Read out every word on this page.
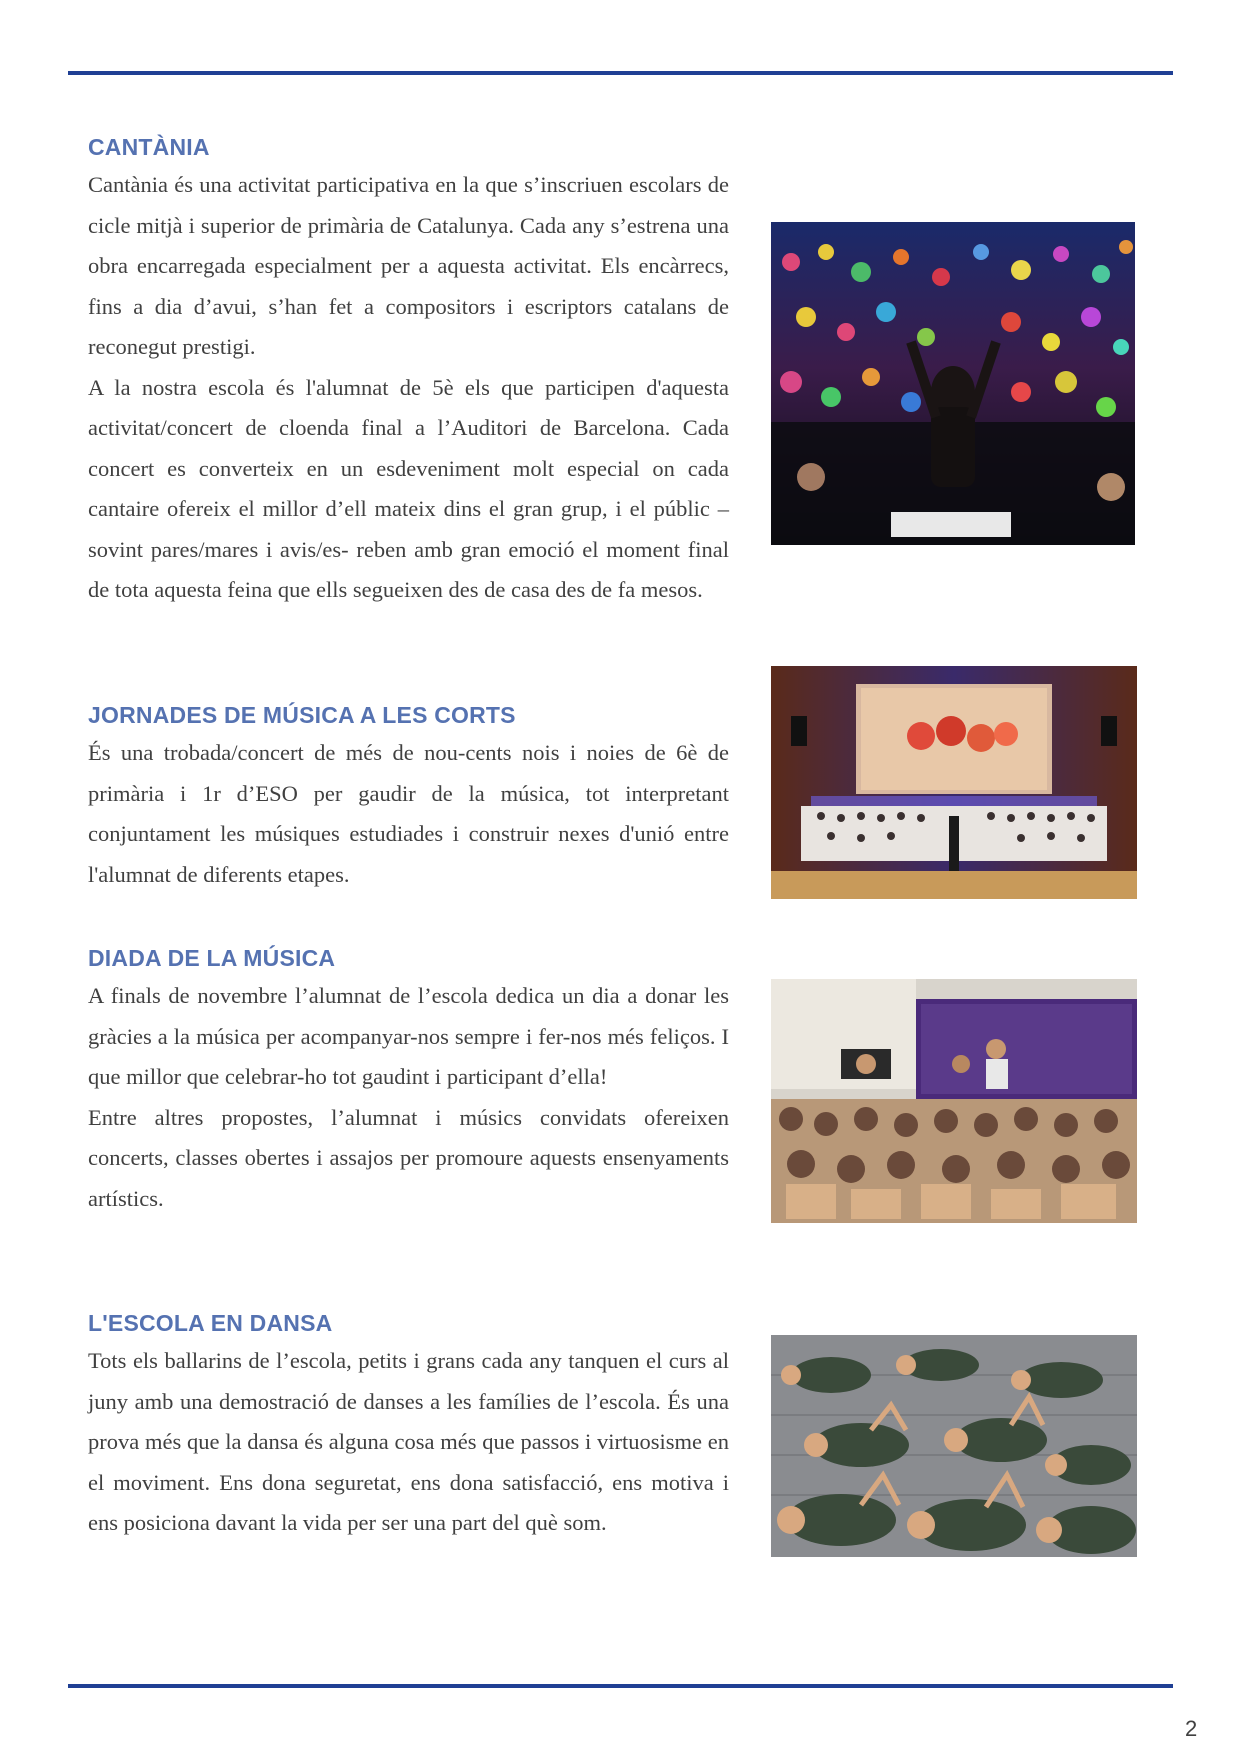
CANTÀNIA

Cantània és una activitat participativa en la que s’inscriuen escolars de cicle mitjà i superior de primària de Catalunya. Cada any s’estrena una obra encarregada especialment per a aquesta activitat. Els encàrrecs, fins a dia d’avui, s’han fet a compositors i escriptors catalans de reconegut prestigi.

A la nostra escola és l'alumnat de 5è els que participen d'aquesta activitat/concert de cloenda final a l’Auditori de Barcelona. Cada concert es converteix en un esdeveniment molt especial on cada cantaire ofereix el millor d’ell mateix dins el gran grup, i el públic –sovint pares/mares i avis/es- reben amb gran emoció el moment final de tota aquesta feina que ells segueixen des de casa des de fa mesos.

JORNADES DE MÚSICA A LES CORTS

És una trobada/concert de més de nou-cents nois i noies de 6è de primària i 1r d’ESO per gaudir de la música, tot interpretant conjuntament les músiques estudiades i construir nexes d'unió entre l'alumnat de diferents etapes.

DIADA DE LA MÚSICA

A finals de novembre l’alumnat de l’escola dedica un dia a donar les gràcies a la música per acompanyar-nos sempre i fer-nos més feliços. I que millor que celebrar-ho tot gaudint i participant d’ella!

Entre altres propostes, l’alumnat i músics convidats ofereixen concerts, classes obertes i assajos per promoure aquests ensenyaments artístics.

L'ESCOLA EN DANSA

Tots els ballarins de l’escola, petits i grans cada any tanquen el curs al juny amb una demostració de danses a les famílies de l’escola. És una prova més que la dansa és alguna cosa més que passos i virtuosisme en el moviment. Ens dona seguretat, ens dona satisfacció, ens motiva i ens posiciona davant la vida per ser una part del què som.

2
